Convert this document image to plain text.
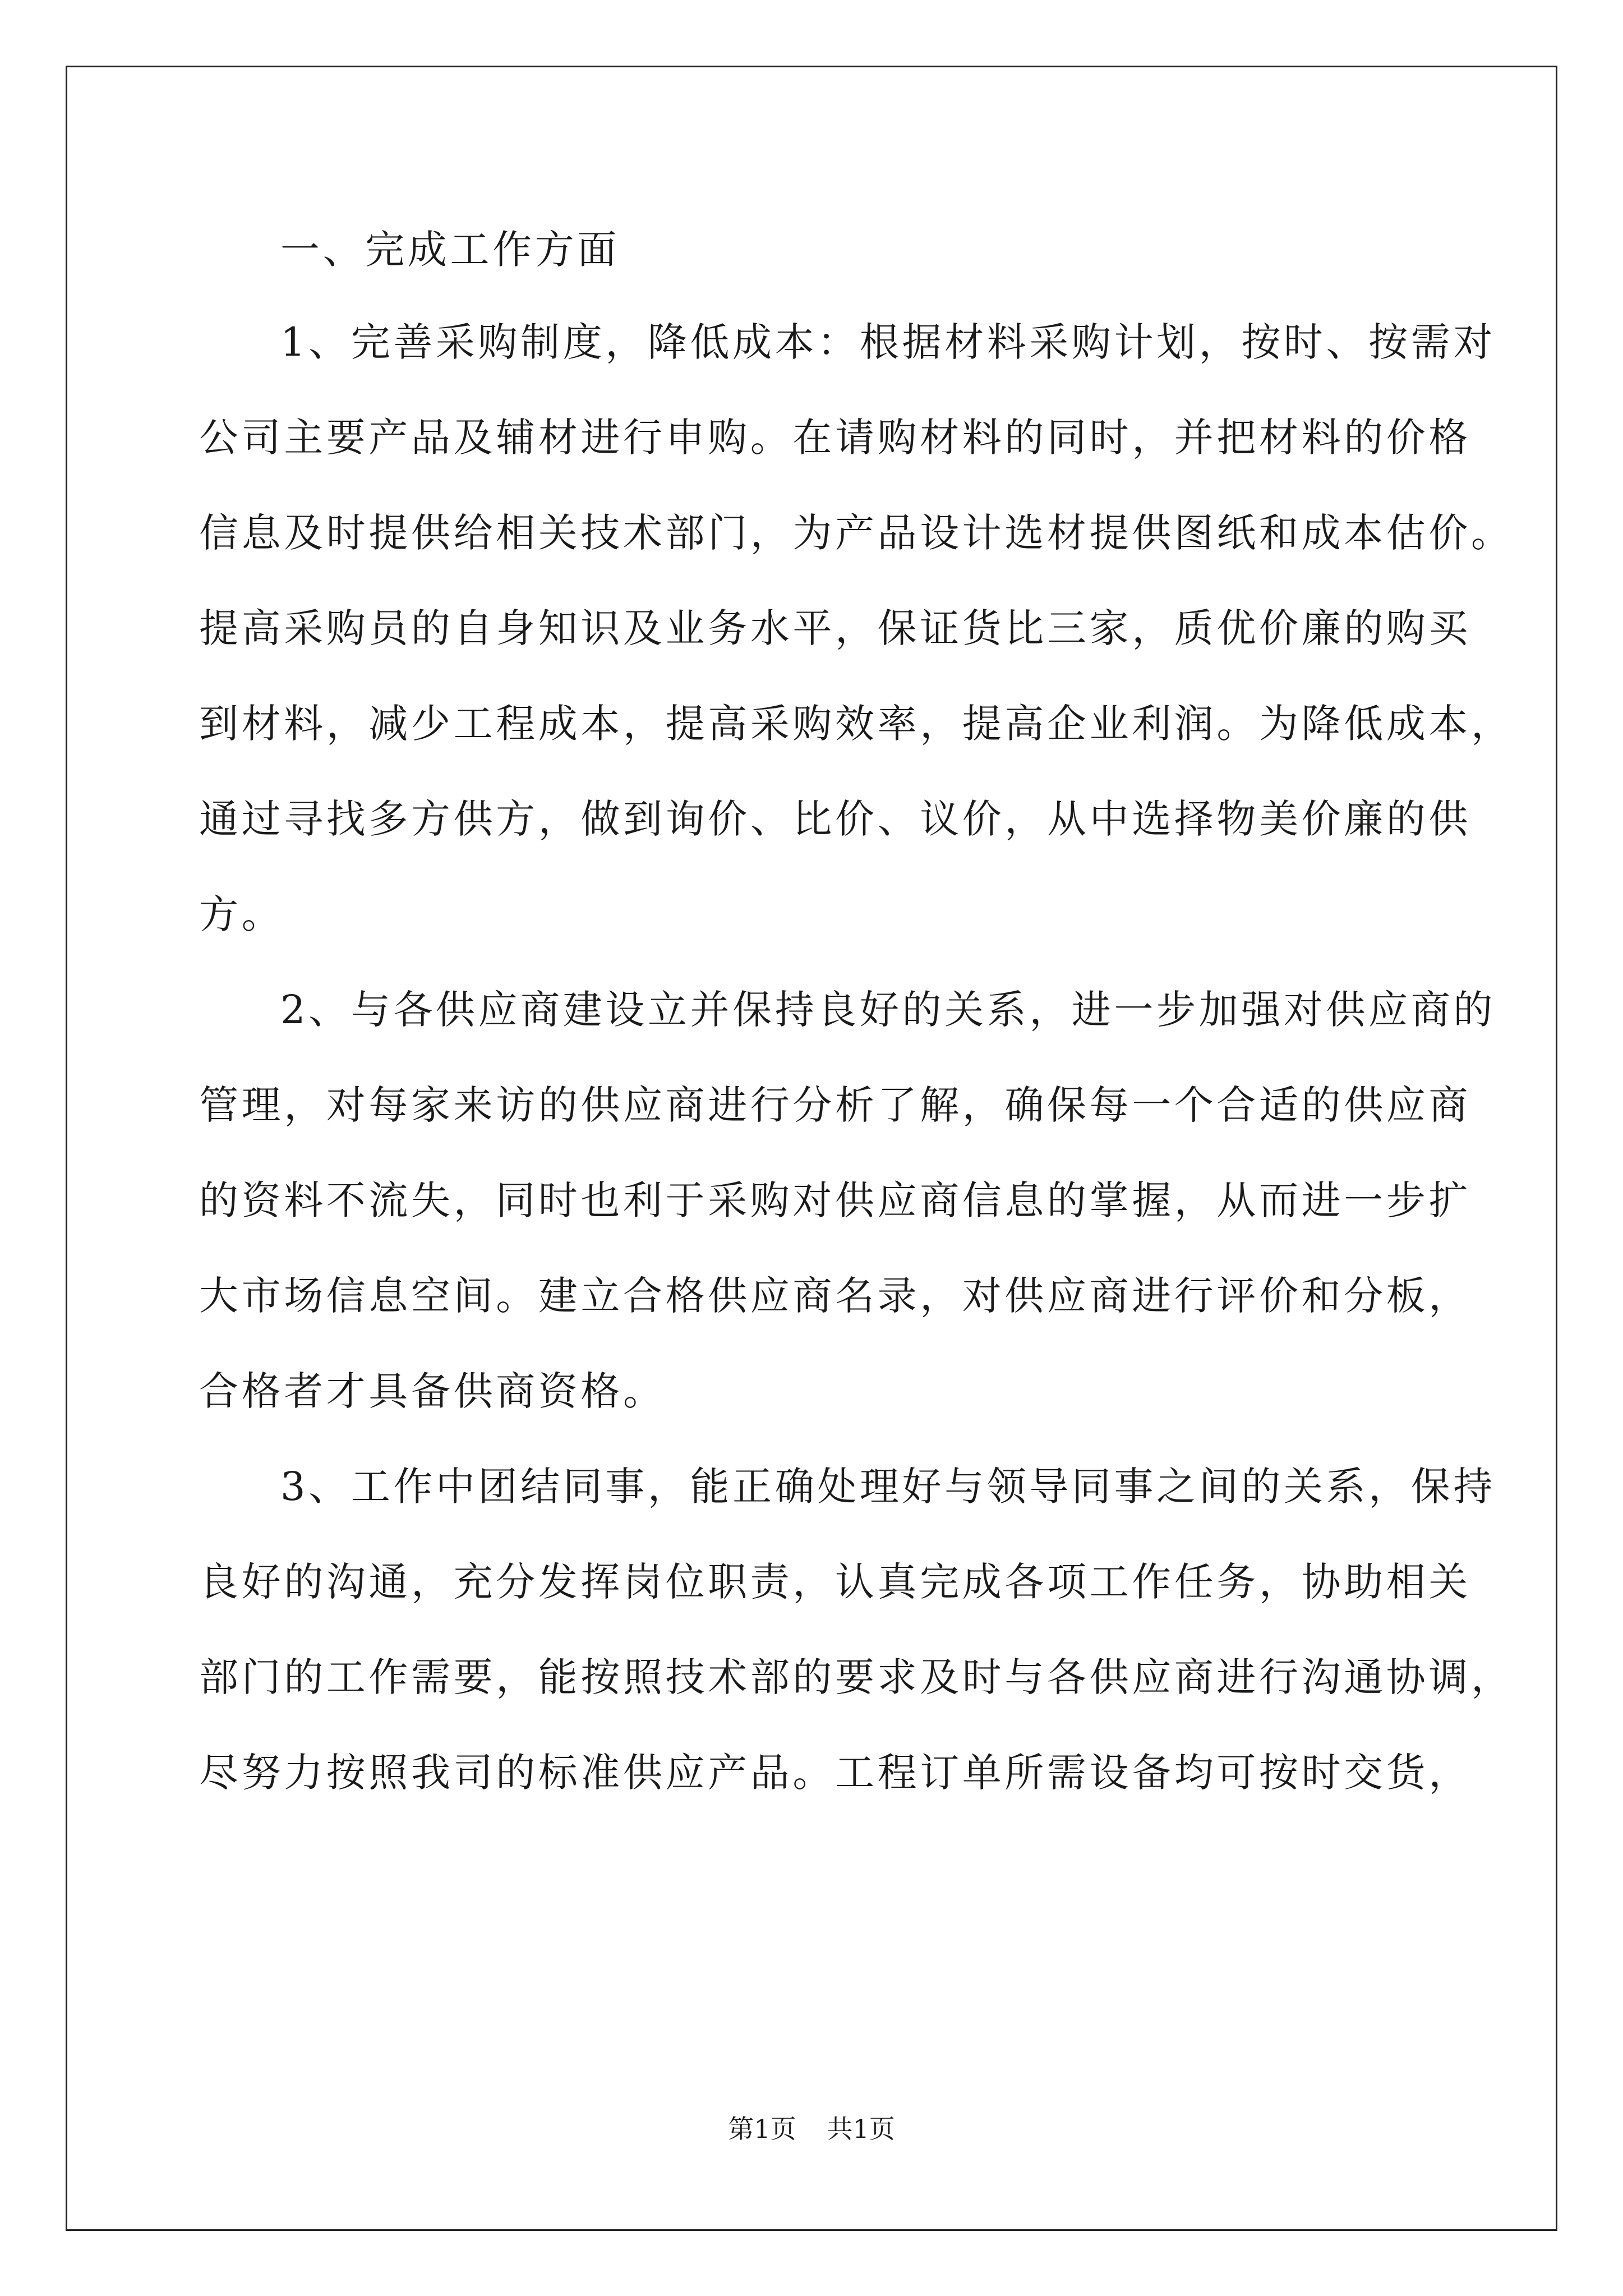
一、完成工作方面
1、完善采购制度，降低成本：根据材料采购计划，按时、按需对
公司主要产品及辅材进行申购。在请购材料的同时，并把材料的价格
信息及时提供给相关技术部门，为产品设计选材提供图纸和成本估价。
提高采购员的自身知识及业务水平，保证货比三家，质优价廉的购买
到材料，减少工程成本，提高采购效率，提高企业利润。为降低成本，
通过寻找多方供方，做到询价、比价、议价，从中选择物美价廉的供
方。
2、与各供应商建设立并保持良好的关系，进一步加强对供应商的
管理，对每家来访的供应商进行分析了解，确保每一个合适的供应商
的资料不流失，同时也利于采购对供应商信息的掌握，从而进一步扩
大市场信息空间。建立合格供应商名录，对供应商进行评价和分板，
合格者才具备供商资格。
3、工作中团结同事，能正确处理好与领导同事之间的关系，保持
良好的沟通，充分发挥岗位职责，认真完成各项工作任务，协助相关
部门的工作需要，能按照技术部的要求及时与各供应商进行沟通协调，
尽努力按照我司的标准供应产品。工程订单所需设备均可按时交货，
第1页 共1页
